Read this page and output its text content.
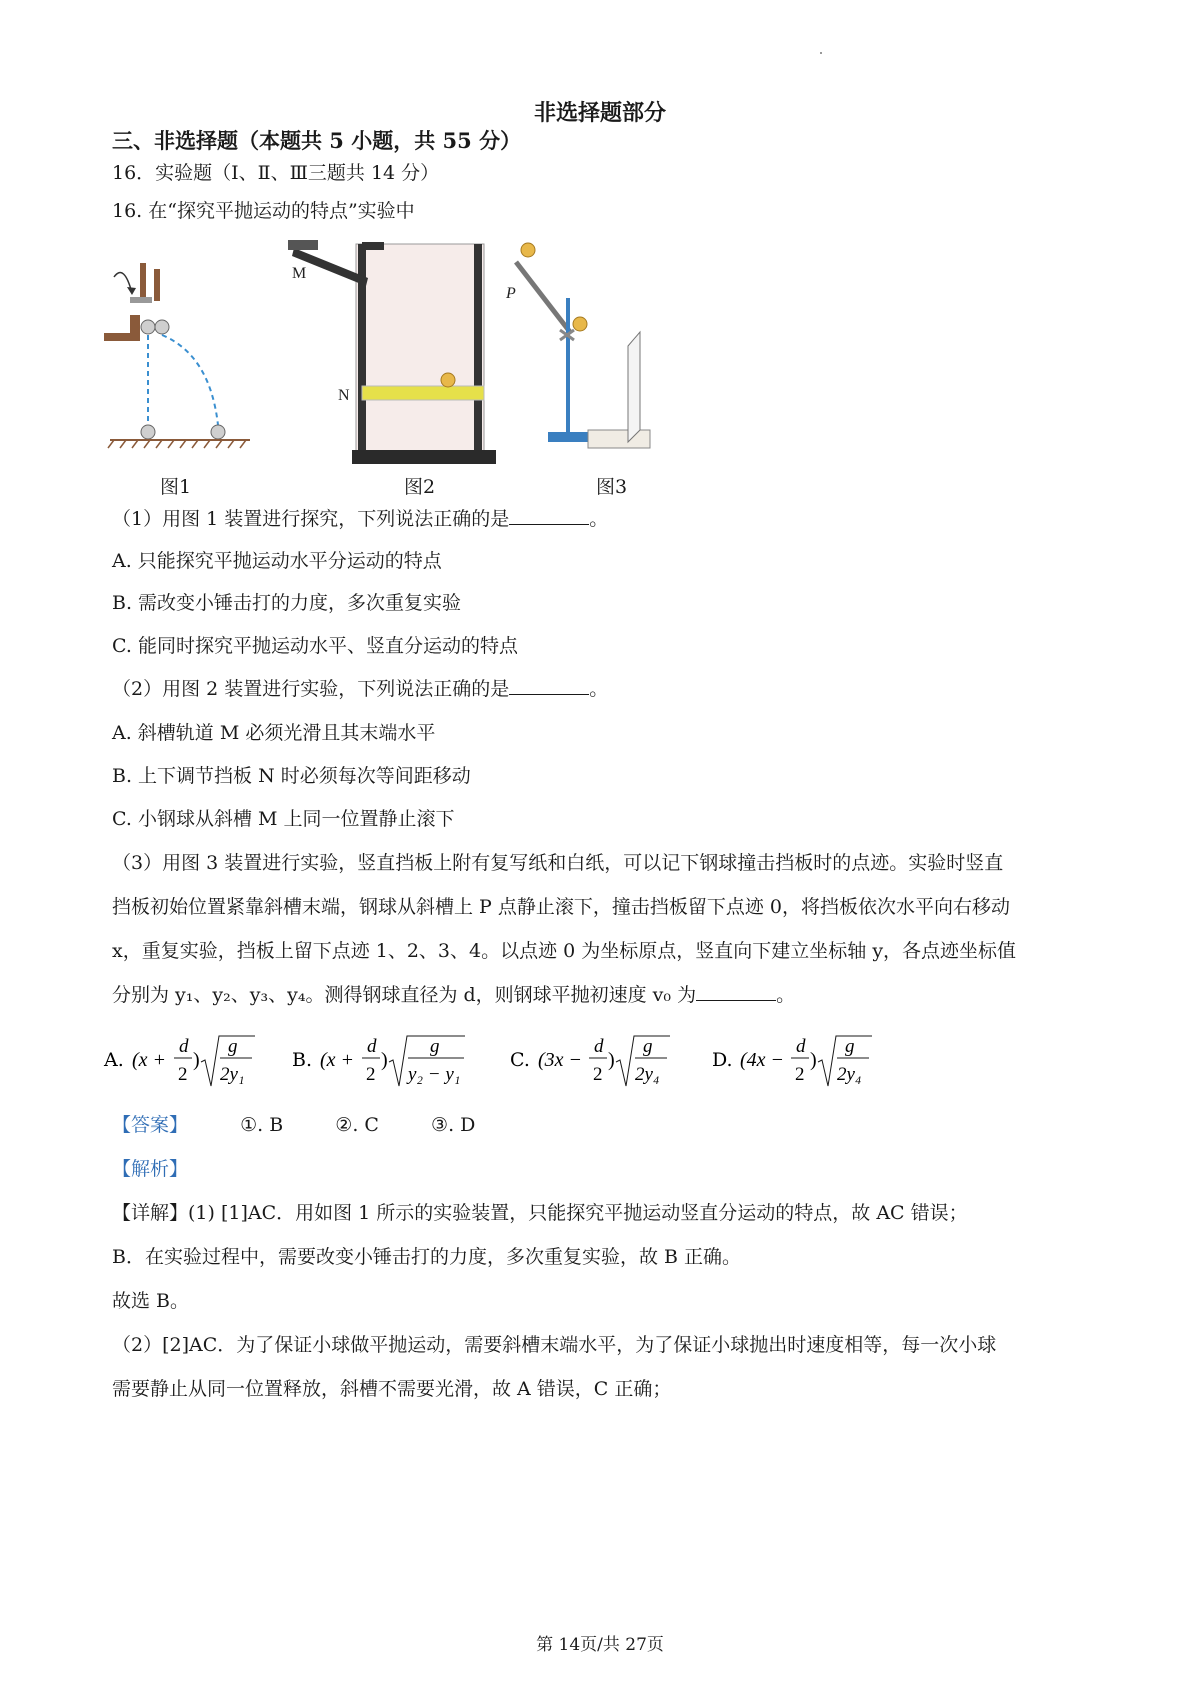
非选择题部分
三、非选择题（本题共 5 小题，共 55 分）
16．实验题（Ⅰ、Ⅱ、Ⅲ三题共 14 分）
16. 在“探究平抛运动的特点”实验中
图1
M
N
图2
P
图3
（1）用图 1 装置进行探究，下列说法正确的是	。
A. 只能探究平抛运动水平分运动的特点
B. 需改变小锤击打的力度，多次重复实验
C. 能同时探究平抛运动水平、竖直分运动的特点
（2）用图 2 装置进行实验，下列说法正确的是	。
A. 斜槽轨道 M 必须光滑且其末端水平
B. 上下调节挡板 N 时必须每次等间距移动
C. 小钢球从斜槽 M 上同一位置静止滚下
（3）用图 3 装置进行实验，竖直挡板上附有复写纸和白纸，可以记下钢球撞击挡板时的点迹。实验时竖直
挡板初始位置紧靠斜槽末端，钢球从斜槽上 P 点静止滚下，撞击挡板留下点迹 0，将挡板依次水平向右移动
x，重复实验，挡板上留下点迹 1、2、3、4。以点迹 0 为坐标原点，竖直向下建立坐标轴 y，各点迹坐标值
分别为 y₁、y₂、y₃、y₄。测得钢球直径为 d，则钢球平抛初速度 v₀ 为	。
A. (x +
d
2
)
g
2y₁
B. (x +
d
2
)
g
y₂ − y₁
C. (3x −
d
2
)
g
2y₄
D. (4x −
d
2
)
g
2y₄
【答案】	①. B	②. C	③. D
【解析】
【详解】(1) [1]AC．用如图 1 所示的实验装置，只能探究平抛运动竖直分运动的特点，故 AC 错误；
B．在实验过程中，需要改变小锤击打的力度，多次重复实验，故 B 正确。
故选 B。
（2）[2]AC．为了保证小球做平抛运动，需要斜槽末端水平，为了保证小球抛出时速度相等，每一次小球
需要静止从同一位置释放，斜槽不需要光滑，故 A 错误，C 正确；
第 14页/共 27页
